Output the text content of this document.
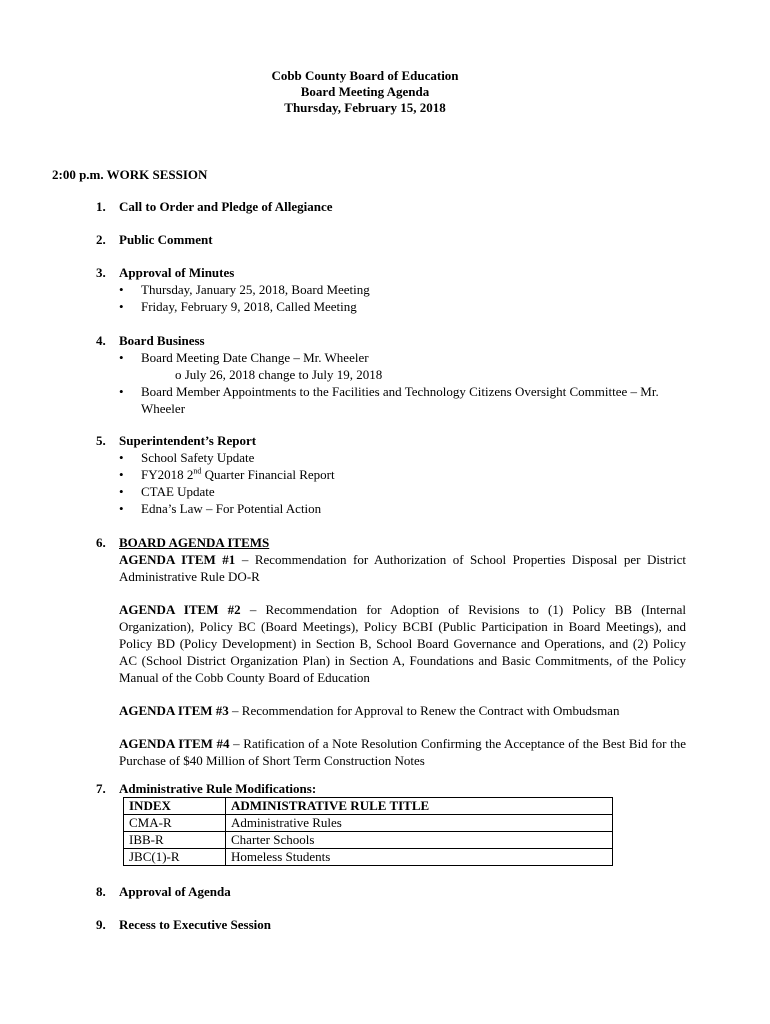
Cobb County Board of Education
Board Meeting Agenda
Thursday, February 15, 2018
2:00 p.m. WORK SESSION
1. Call to Order and Pledge of Allegiance
2. Public Comment
3. Approval of Minutes
• Thursday, January 25, 2018, Board Meeting
• Friday, February 9, 2018, Called Meeting
4. Board Business
• Board Meeting Date Change – Mr. Wheeler
o July 26, 2018 change to July 19, 2018
• Board Member Appointments to the Facilities and Technology Citizens Oversight Committee – Mr. Wheeler
5. Superintendent’s Report
• School Safety Update
• FY2018 2nd Quarter Financial Report
• CTAE Update
• Edna’s Law – For Potential Action
6. BOARD AGENDA ITEMS
AGENDA ITEM #1 – Recommendation for Authorization of School Properties Disposal per District Administrative Rule DO-R
AGENDA ITEM #2 – Recommendation for Adoption of Revisions to (1) Policy BB (Internal Organization), Policy BC (Board Meetings), Policy BCBI (Public Participation in Board Meetings), and Policy BD (Policy Development) in Section B, School Board Governance and Operations, and (2) Policy AC (School District Organization Plan) in Section A, Foundations and Basic Commitments, of the Policy Manual of the Cobb County Board of Education
AGENDA ITEM #3 – Recommendation for Approval to Renew the Contract with Ombudsman
AGENDA ITEM #4 – Ratification of a Note Resolution Confirming the Acceptance of the Best Bid for the Purchase of $40 Million of Short Term Construction Notes
7. Administrative Rule Modifications:
INDEX	ADMINISTRATIVE RULE TITLE
CMA-R	Administrative Rules
IBB-R	Charter Schools
JBC(1)-R	Homeless Students
8. Approval of Agenda
9. Recess to Executive Session
